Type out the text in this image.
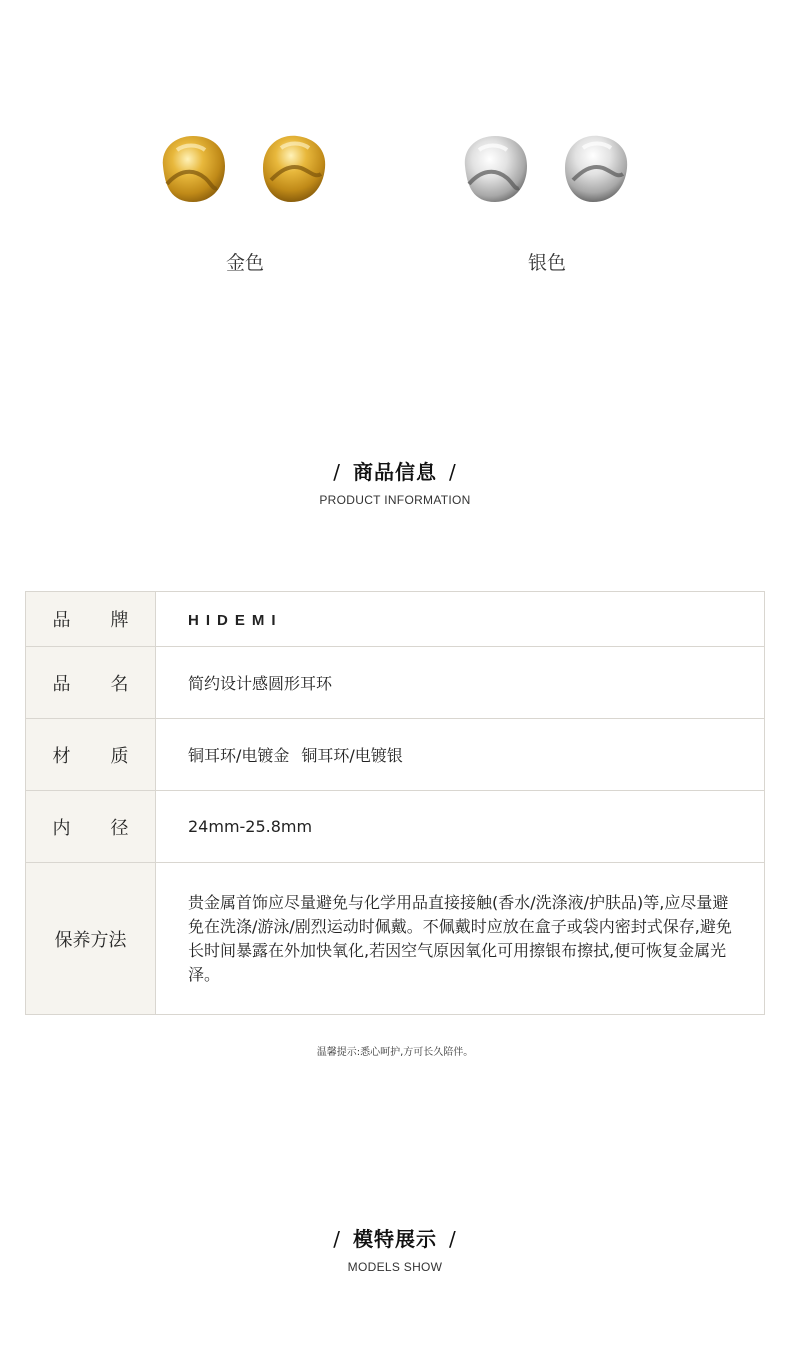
金色	银色
/ 商品信息 /
PRODUCT INFORMATION
品 牌	HIDEMI

品 名	简约设计感圆形耳环

材 质	铜耳环/电镀金 铜耳环/电镀银

内 径	24mm-25.8mm
保养方法	贵金属首饰应尽量避免与化学用品直接接触(香水/洗涤液/护肤品)等,应尽量避免在洗涤/游泳/剧烈运动时佩戴。不佩戴时应放在盒子或袋内密封式保存,避免长时间暴露在外加快氧化,若因空气原因氧化可用擦银布擦拭,便可恢复金属光泽。
温馨提示:悉心呵护,方可长久陪伴。
/ 模特展示 /
MODELS SHOW
